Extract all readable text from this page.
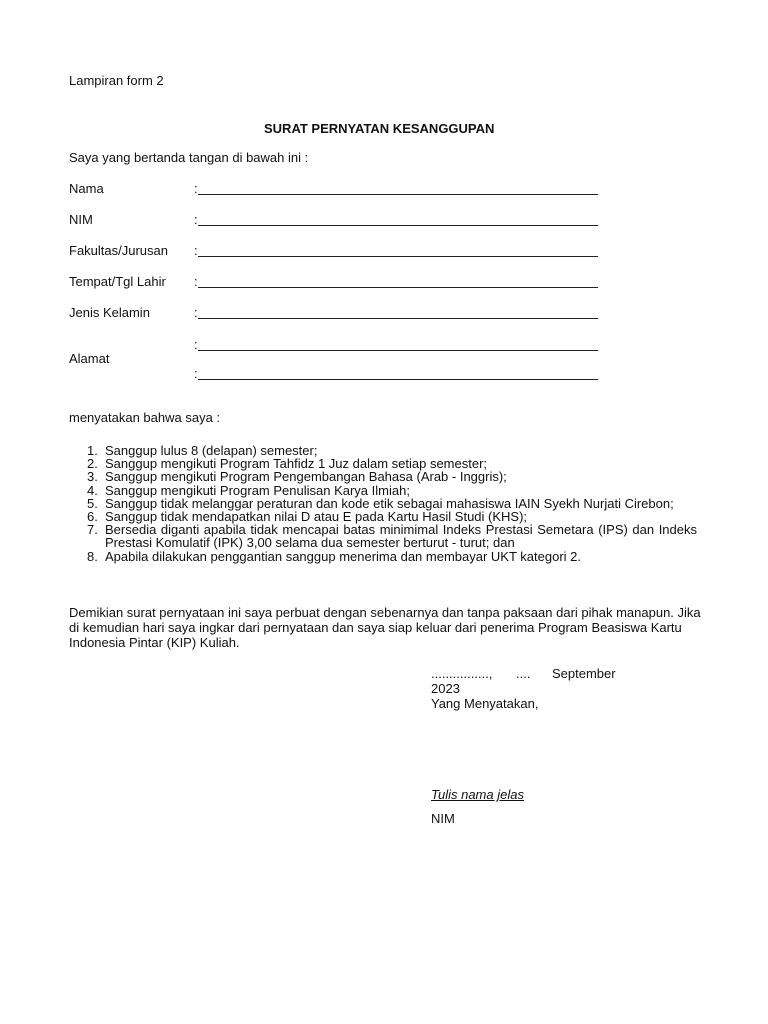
Lampiran form 2
SURAT PERNYATAN KESANGGUPAN
Saya yang bertanda tangan di bawah ini :
Nama	:
NIM	:
Fakultas/Jurusan :
Tempat/Tgl Lahir :
Jenis Kelamin	:
Alamat
:
:
menyatakan bahwa saya :
1. Sanggup lulus 8 (delapan) semester;
2. Sanggup mengikuti Program Tahfidz 1 Juz dalam setiap semester;
3. Sanggup mengikuti Program Pengembangan Bahasa (Arab - Inggris);
4. Sanggup mengikuti Program Penulisan Karya Ilmiah;
5. Sanggup tidak melanggar peraturan dan kode etik sebagai mahasiswa IAIN Syekh Nurjati Cirebon;
6. Sanggup tidak mendapatkan nilai D atau E pada Kartu Hasil Studi (KHS);
7. Bersedia diganti apabila tidak mencapai batas minimimal Indeks Prestasi Semetara (IPS) dan Indeks Prestasi Komulatif (IPK) 3,00 selama dua semester berturut - turut; dan
8. Apabila dilakukan penggantian sanggup menerima dan membayar UKT kategori 2.
Demikian surat pernyataan ini saya perbuat dengan sebenarnya dan tanpa paksaan dari pihak manapun. Jika di kemudian hari saya ingkar dari pernyataan dan saya siap keluar dari penerima Program Beasiswa Kartu Indonesia Pintar (KIP) Kuliah.
................, .... September
2023
Yang Menyatakan,
Tulis nama jelas
NIM
